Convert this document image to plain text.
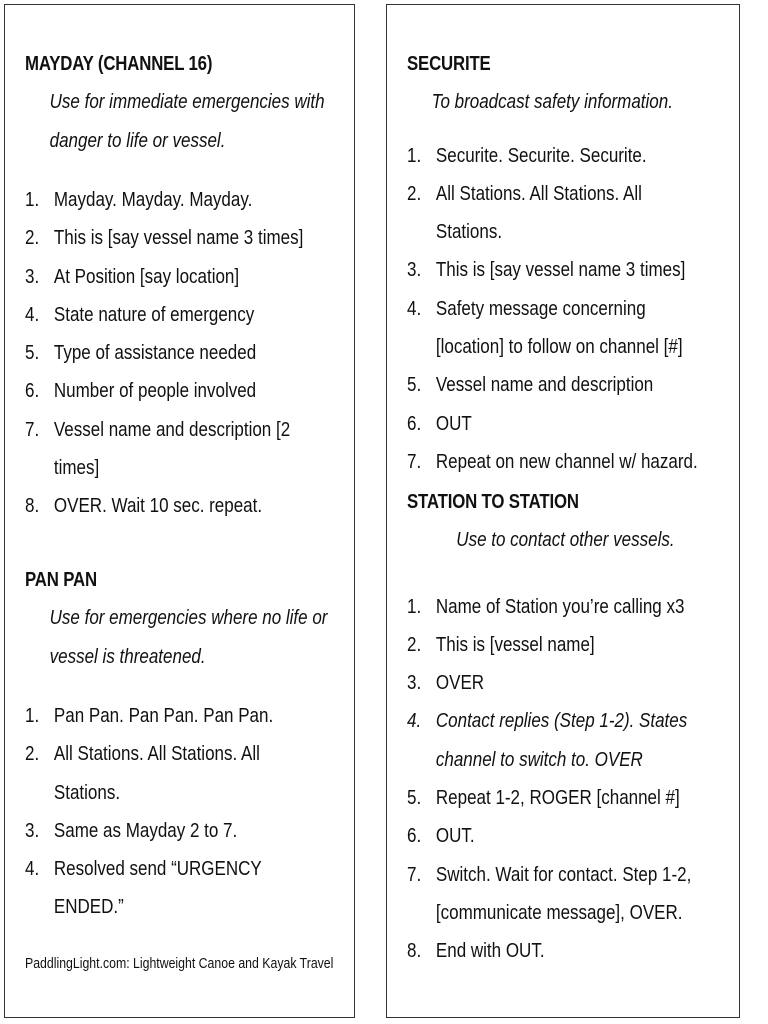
MAYDAY (CHANNEL 16)
Use for immediate emergencies with danger to life or vessel.
1. Mayday. Mayday. Mayday.
2. This is [say vessel name 3 times]
3. At Position [say location]
4. State nature of emergency
5. Type of assistance needed
6. Number of people involved
7. Vessel name and description [2 times]
8. OVER. Wait 10 sec. repeat.
PAN PAN
Use for emergencies where no life or vessel is threatened.
1. Pan Pan. Pan Pan. Pan Pan.
2. All Stations. All Stations. All Stations.
3. Same as Mayday 2 to 7.
4. Resolved send “URGENCY ENDED.”
PaddlingLight.com: Lightweight Canoe and Kayak Travel
SECURITE
To broadcast safety information.
1. Securite. Securite. Securite.
2. All Stations. All Stations. All Stations.
3. This is [say vessel name 3 times]
4. Safety message concerning [location] to follow on channel [#]
5. Vessel name and description
6. OUT
7. Repeat on new channel w/ hazard.
STATION TO STATION
Use to contact other vessels.
1. Name of Station you’re calling x3
2. This is [vessel name]
3. OVER
4. Contact replies (Step 1-2). States channel to switch to. OVER
5. Repeat 1-2, ROGER [channel #]
6. OUT.
7. Switch. Wait for contact. Step 1-2, [communicate message], OVER.
8. End with OUT.
